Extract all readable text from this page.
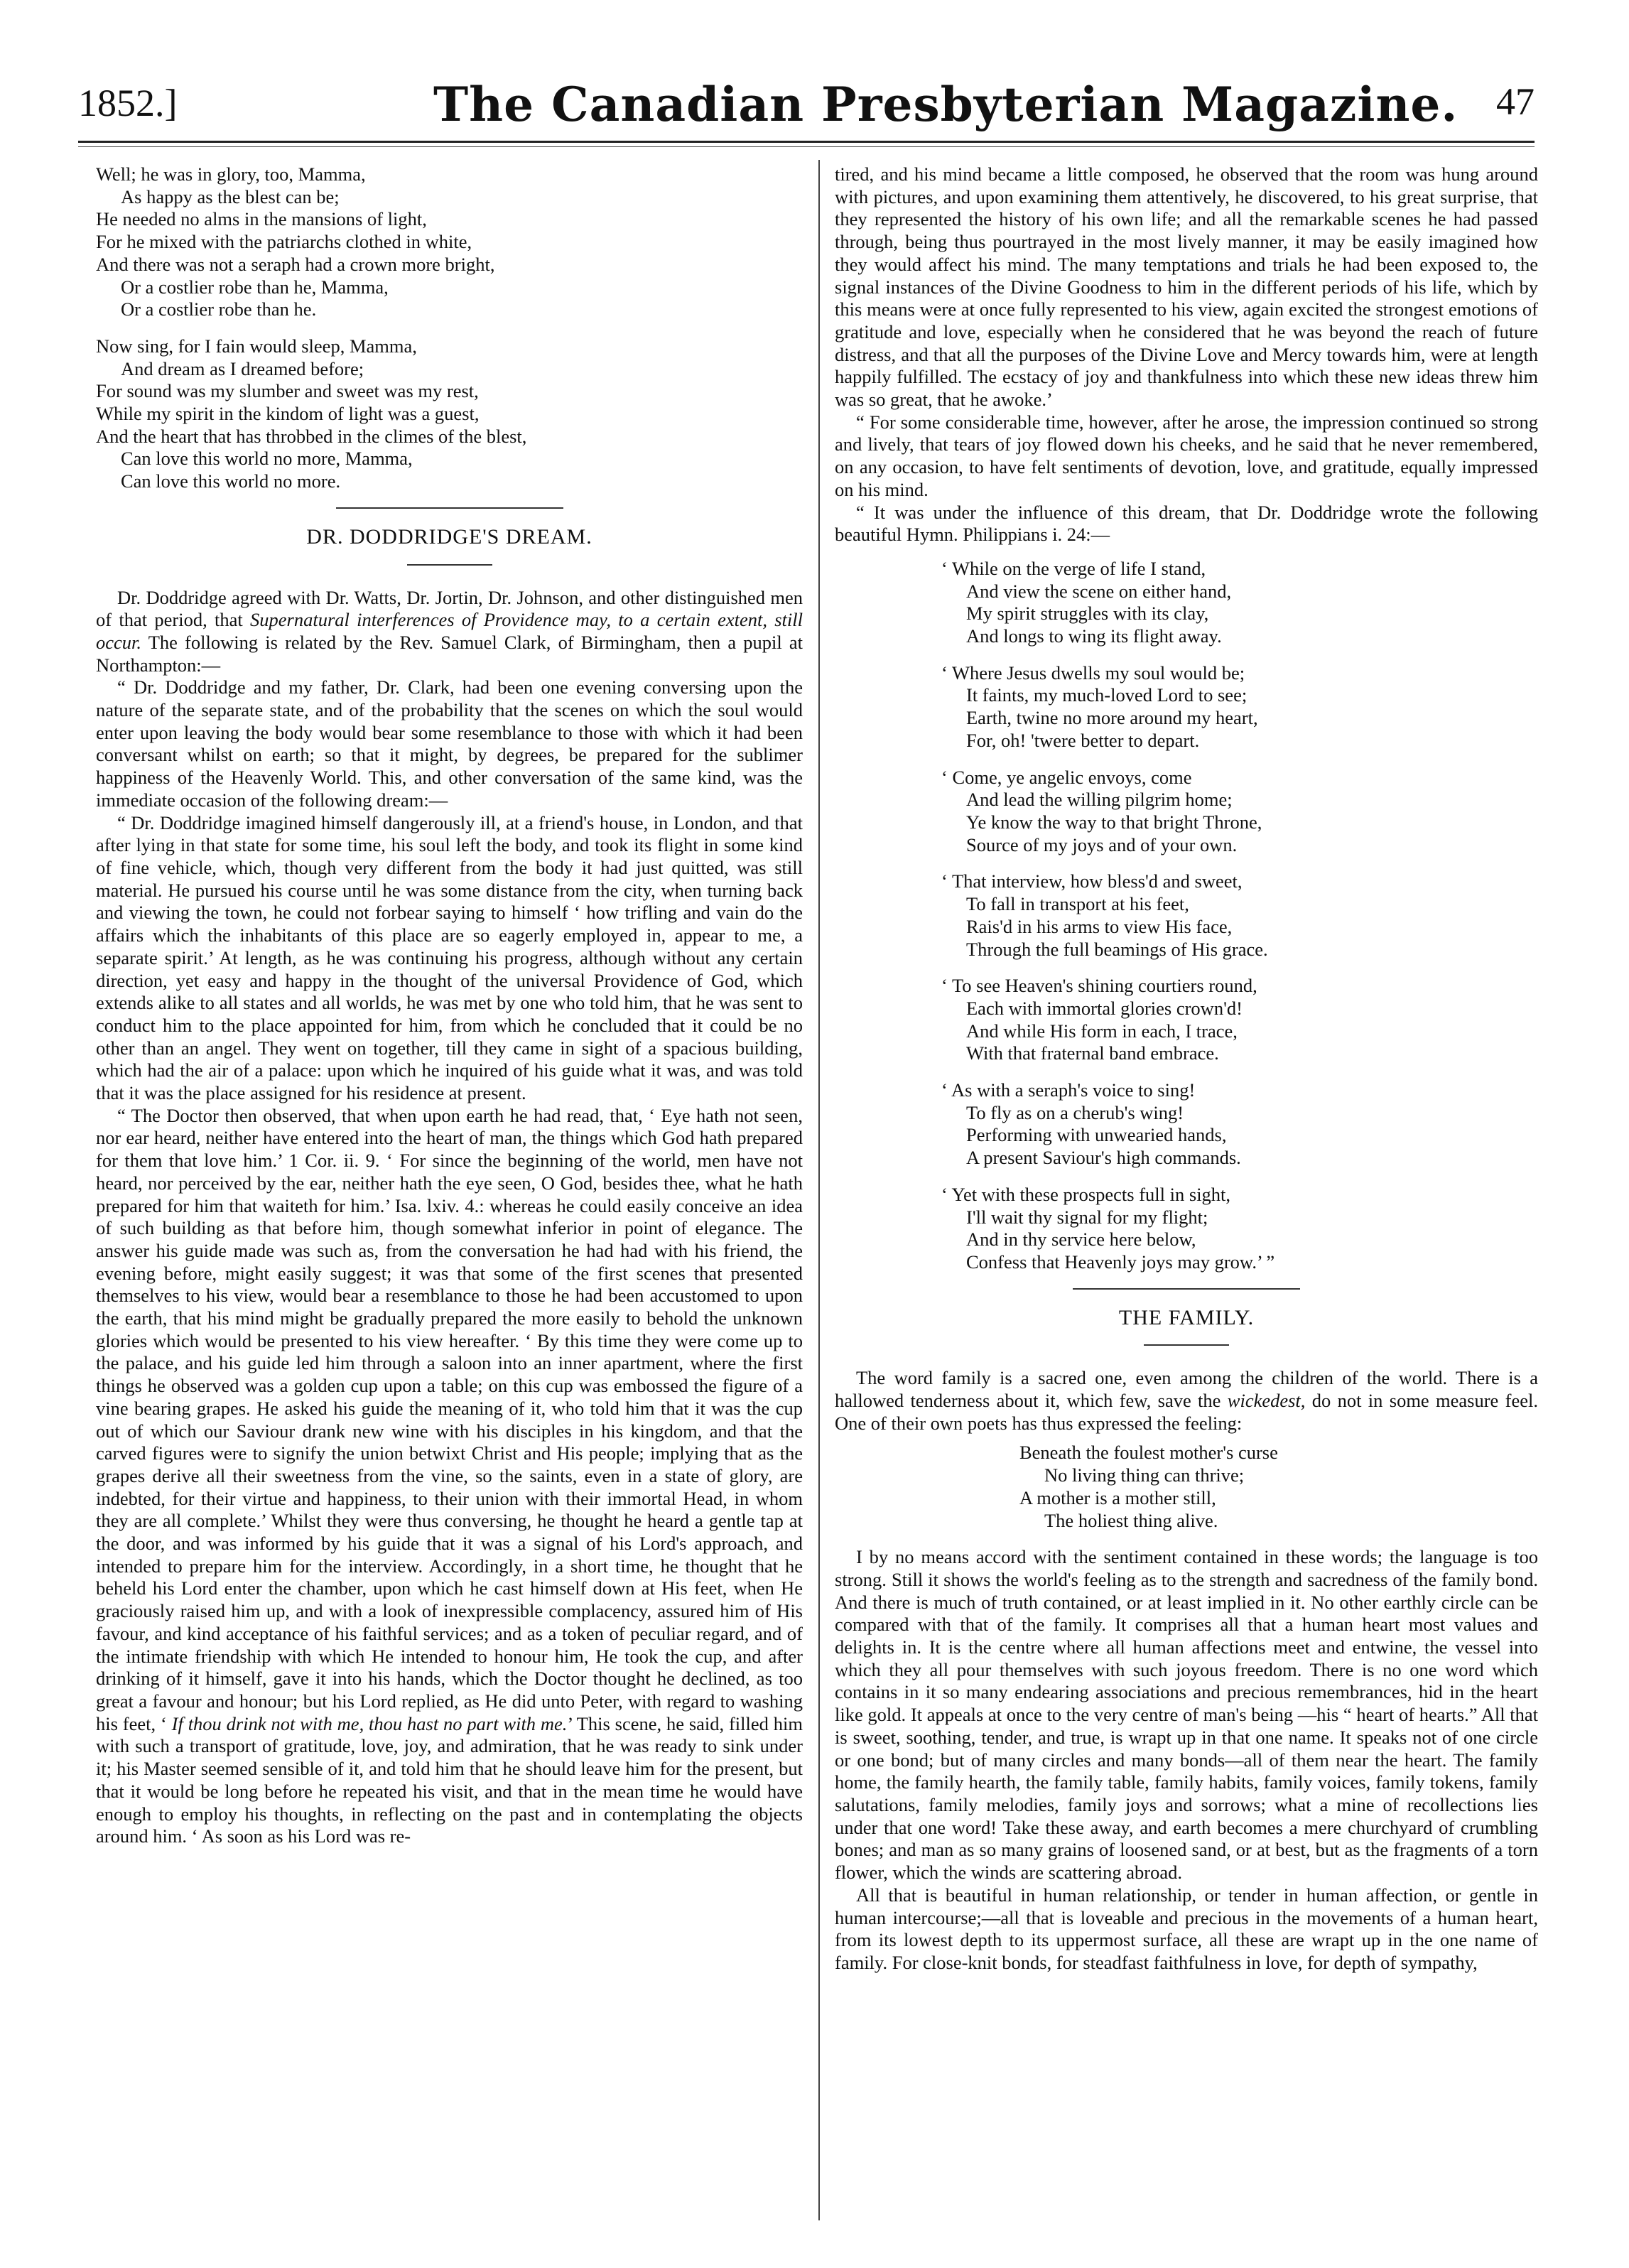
1852.]	The Canadian Presbyterian Magazine. 47
Well; he was in glory, too, Mamma,
As happy as the blest can be;
He needed no alms in the mansions of light,
For he mixed with the patriarchs clothed in white,
And there was not a seraph had a crown more bright,
Or a costlier robe than he, Mamma,
Or a costlier robe than he.
Now sing, for I fain would sleep, Mamma,
And dream as I dreamed before;
For sound was my slumber and sweet was my rest,
While my spirit in the kindom of light was a guest,
And the heart that has throbbed in the climes of the blest,
Can love this world no more, Mamma,
Can love this world no more.
DR. DODDRIDGE'S DREAM.

Dr. Doddridge agreed with Dr. Watts, Dr. Jortin, Dr. Johnson, and other distinguished men of that period, that Supernatural interferences of Providence may, to a certain extent, still occur. The following is related by the Rev. Samuel Clark, of Birmingham, then a pupil at Northampton:—

“ Dr. Doddridge and my father, Dr. Clark, had been one evening conversing upon the nature of the separate state, and of the probability that the scenes on which the soul would enter upon leaving the body would bear some resemblance to those with which it had been conversant whilst on earth; so that it might, by degrees, be prepared for the sublimer happiness of the Heavenly World. This, and other conversation of the same kind, was the immediate occasion of the following dream:—

“ Dr. Doddridge imagined himself dangerously ill, at a friend's house, in London, and that after lying in that state for some time, his soul left the body, and took its flight in some kind of fine vehicle, which, though very different from the body it had just quitted, was still material. He pursued his course until he was some distance from the city, when turning back and viewing the town, he could not forbear saying to himself ‘ how trifling and vain do the affairs which the inhabitants of this place are so eagerly employed in, appear to me, a separate spirit.’ At length, as he was continuing his progress, although without any certain direction, yet easy and happy in the thought of the universal Providence of God, which extends alike to all states and all worlds, he was met by one who told him, that he was sent to conduct him to the place appointed for him, from which he concluded that it could be no other than an angel. They went on together, till they came in sight of a spacious building, which had the air of a palace: upon which he inquired of his guide what it was, and was told that it was the place assigned for his residence at present.

“ The Doctor then observed, that when upon earth he had read, that, ‘ Eye hath not seen, nor ear heard, neither have entered into the heart of man, the things which God hath prepared for them that love him.’ 1 Cor. ii. 9. ‘ For since the beginning of the world, men have not heard, nor perceived by the ear, neither hath the eye seen, O God, besides thee, what he hath prepared for him that waiteth for him.’ Isa. lxiv. 4.: whereas he could easily conceive an idea of such building as that before him, though somewhat inferior in point of elegance. The answer his guide made was such as, from the conversation he had had with his friend, the evening before, might easily suggest; it was that some of the first scenes that presented themselves to his view, would bear a resemblance to those he had been accustomed to upon the earth, that his mind might be gradually prepared the more easily to behold the unknown glories which would be presented to his view hereafter. ‘ By this time they were come up to the palace, and his guide led him through a saloon into an inner apartment, where the first things he observed was a golden cup upon a table; on this cup was embossed the figure of a vine bearing grapes. He asked his guide the meaning of it, who told him that it was the cup out of which our Saviour drank new wine with his disciples in his kingdom, and that the carved figures were to signify the union betwixt Christ and His people; implying that as the grapes derive all their sweetness from the vine, so the saints, even in a state of glory, are indebted, for their virtue and happiness, to their union with their immortal Head, in whom they are all complete.’ Whilst they were thus conversing, he thought he heard a gentle tap at the door, and was informed by his guide that it was a signal of his Lord's approach, and intended to prepare him for the interview. Accordingly, in a short time, he thought that he beheld his Lord enter the chamber, upon which he cast himself down at His feet, when He graciously raised him up, and with a look of inexpressible complacency, assured him of His favour, and kind acceptance of his faithful services; and as a token of peculiar regard, and of the intimate friendship with which He intended to honour him, He took the cup, and after drinking of it himself, gave it into his hands, which the Doctor thought he declined, as too great a favour and honour; but his Lord replied, as He did unto Peter, with regard to washing his feet, ‘ If thou drink not with me, thou hast no part with me.’ This scene, he said, filled him with such a transport of gratitude, love, joy, and admiration, that he was ready to sink under it; his Master seemed sensible of it, and told him that he should leave him for the present, but that it would be long before he repeated his visit, and that in the mean time he would have enough to employ his thoughts, in reflecting on the past and in contemplating the objects around him. ‘ As soon as his Lord was re-

tired, and his mind became a little composed, he observed that the room was hung around with pictures, and upon examining them attentively, he discovered, to his great surprise, that they represented the history of his own life; and all the remarkable scenes he had passed through, being thus pourtrayed in the most lively manner, it may be easily imagined how they would affect his mind. The many temptations and trials he had been exposed to, the signal instances of the Divine Goodness to him in the different periods of his life, which by this means were at once fully represented to his view, again excited the strongest emotions of gratitude and love, especially when he considered that he was beyond the reach of future distress, and that all the purposes of the Divine Love and Mercy towards him, were at length happily fulfilled. The ecstacy of joy and thankfulness into which these new ideas threw him was so great, that he awoke.’

“ For some considerable time, however, after he arose, the impression continued so strong and lively, that tears of joy flowed down his cheeks, and he said that he never remembered, on any occasion, to have felt sentiments of devotion, love, and gratitude, equally impressed on his mind.

“ It was under the influence of this dream, that Dr. Doddridge wrote the following beautiful Hymn. Philippians i. 24:—

‘ While on the verge of life I stand,
And view the scene on either hand,
My spirit struggles with its clay,
And longs to wing its flight away.
‘ Where Jesus dwells my soul would be;
It faints, my much-loved Lord to see;
Earth, twine no more around my heart,
For, oh! 'twere better to depart.
‘ Come, ye angelic envoys, come
And lead the willing pilgrim home;
Ye know the way to that bright Throne,
Source of my joys and of your own.
‘ That interview, how bless'd and sweet,
To fall in transport at his feet,
Rais'd in his arms to view His face,
Through the full beamings of His grace.
‘ To see Heaven's shining courtiers round,
Each with immortal glories crown'd!
And while His form in each, I trace,
With that fraternal band embrace.
‘ As with a seraph's voice to sing!
To fly as on a cherub's wing!
Performing with unwearied hands,
A present Saviour's high commands.
‘ Yet with these prospects full in sight,
I'll wait thy signal for my flight;
And in thy service here below,
Confess that Heavenly joys may grow.’ ”
THE FAMILY.

The word family is a sacred one, even among the children of the world. There is a hallowed tenderness about it, which few, save the wickedest, do not in some measure feel. One of their own poets has thus expressed the feeling:

Beneath the foulest mother's curse
No living thing can thrive;
A mother is a mother still,
The holiest thing alive.

I by no means accord with the sentiment contained in these words; the language is too strong. Still it shows the world's feeling as to the strength and sacredness of the family bond. And there is much of truth contained, or at least implied in it. No other earthly circle can be compared with that of the family. It comprises all that a human heart most values and delights in. It is the centre where all human affections meet and entwine, the vessel into which they all pour themselves with such joyous freedom. There is no one word which contains in it so many endearing associations and precious remembrances, hid in the heart like gold. It appeals at once to the very centre of man's being —his “ heart of hearts.” All that is sweet, soothing, tender, and true, is wrapt up in that one name. It speaks not of one circle or one bond; but of many circles and many bonds—all of them near the heart. The family home, the family hearth, the family table, family habits, family voices, family tokens, family salutations, family melodies, family joys and sorrows; what a mine of recollections lies under that one word! Take these away, and earth becomes a mere churchyard of crumbling bones; and man as so many grains of loosened sand, or at best, but as the fragments of a torn flower, which the winds are scattering abroad.

All that is beautiful in human relationship, or tender in human affection, or gentle in human intercourse;—all that is loveable and precious in the movements of a human heart, from its lowest depth to its uppermost surface, all these are wrapt up in the one name of family. For close-knit bonds, for steadfast faithfulness in love, for depth of sympathy,
